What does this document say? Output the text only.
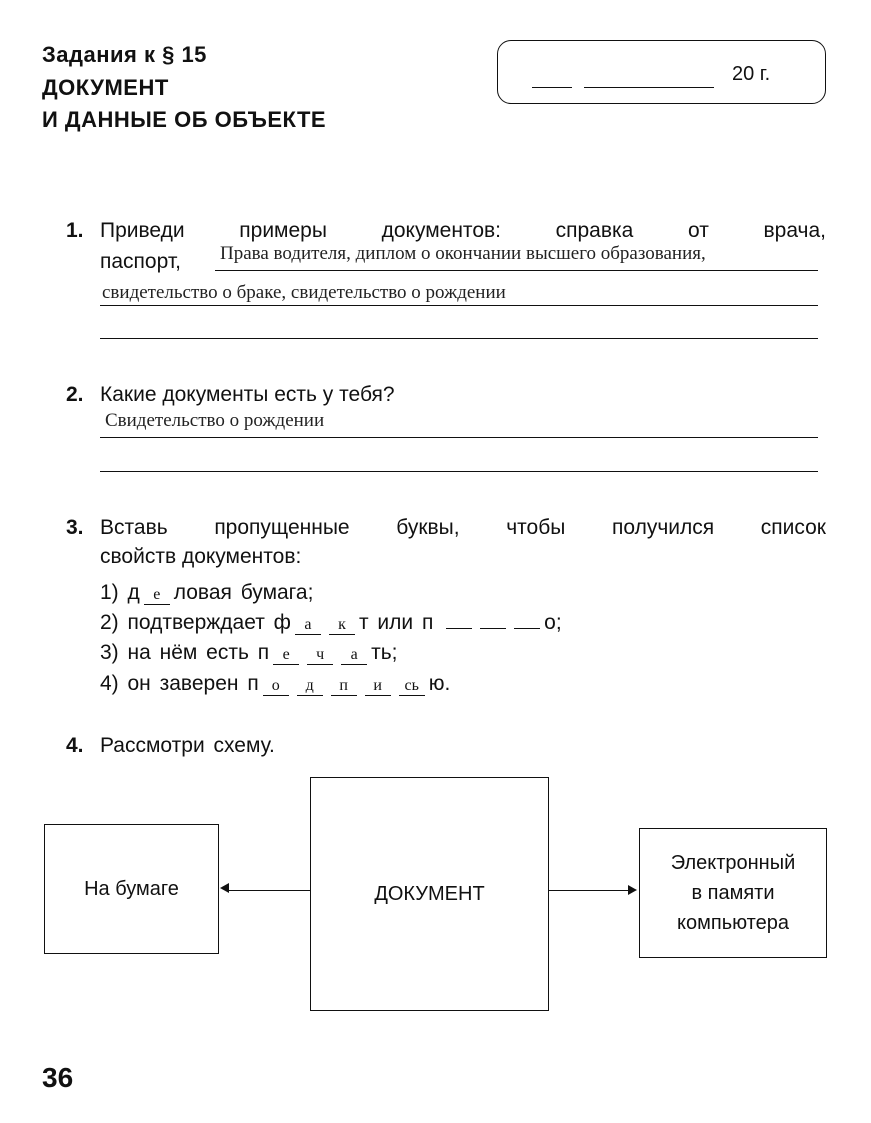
Задания к § 15
ДОКУМЕНТ
И ДАННЫЕ ОБ ОБЪЕКТЕ
20 г.
1. Приведи примеры документов: справка от врача,
паспорт, Права водителя, диплом о окончании высшего образования,
свидетельство о браке, свидетельство о рождении
2. Какие документы есть у тебя?
Свидетельство о рождении
3. Вставь пропущенные буквы, чтобы получился список
свойств документов:
1) д е ловая бумага;
2) подтверждает ф а к т или п	о;
3) на нём есть п е ч а ть;
4) он заверен п о д п и сь ю.
4. Рассмотри схему.
На бумаге	ДОКУМЕНТ
Электронный
в памяти
компьютера
36
